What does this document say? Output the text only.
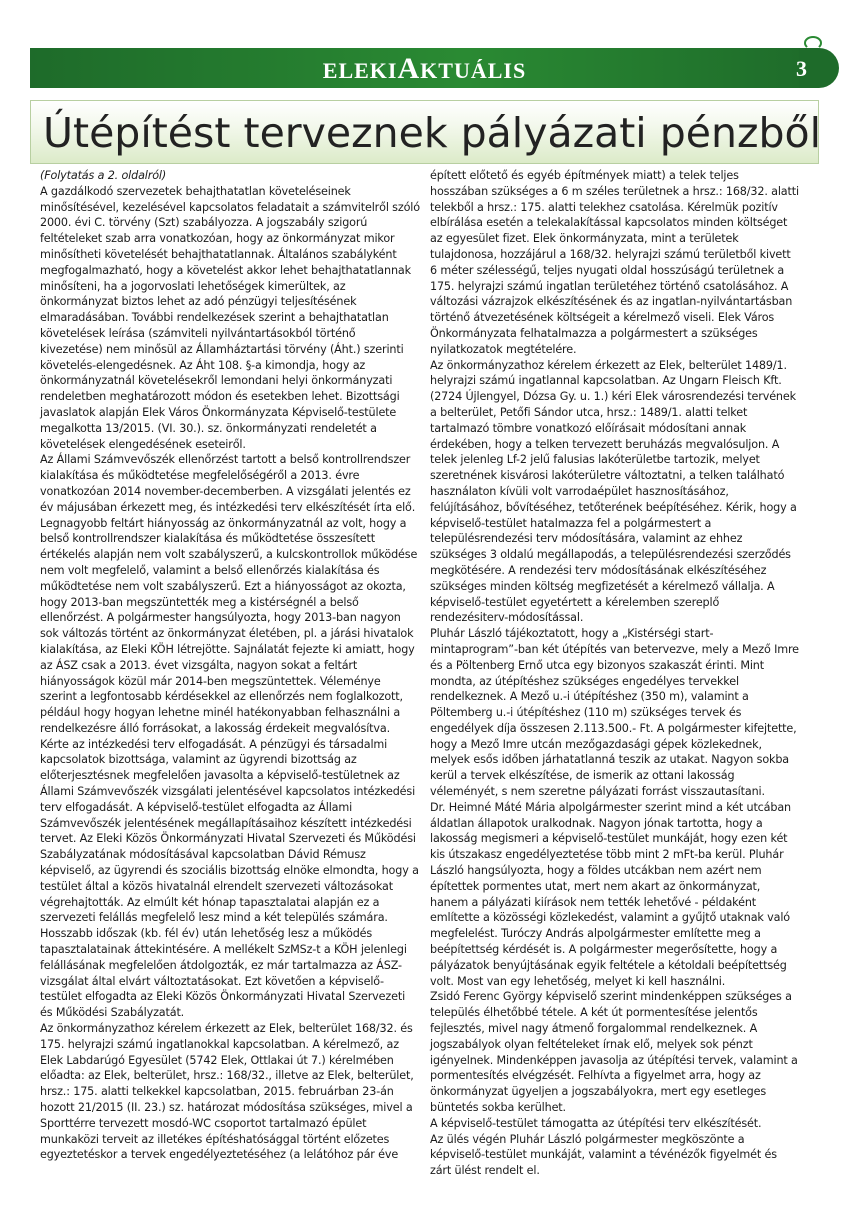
ELEKIAKTUÁLIS	3
Útépítést terveznek pályázati pénzből

(Folytatás a 2. oldalról)

A gazdálkodó szervezetek behajthatatlan követeléseinek minősítésével, kezelésével kapcsolatos feladatait a számvitelről szóló 2000. évi C. törvény (Szt) szabályozza. A jogszabály szigorú feltételeket szab arra vonatkozóan, hogy az önkormányzat mikor minősítheti követelését behajthatatlannak. Általános szabályként megfogalmazható, hogy a követelést akkor lehet behajthatatlannak minősíteni, ha a jogorvoslati lehetőségek kimerültek, az önkormányzat biztos lehet az adó pénzügyi teljesítésének elmaradásában. További rendelkezések szerint a behajthatatlan követelések leírása (számviteli nyilvántartásokból történő kivezetése) nem minősül az Államháztartási törvény (Áht.) szerinti követelés-elengedésnek. Az Áht 108. §-a kimondja, hogy az önkormányzatnál követelésekről lemondani helyi önkormányzati rendeletben meghatározott módon és esetekben lehet. Bizottsági javaslatok alapján Elek Város Önkormányzata Képviselő-testülete megalkotta 13/2015. (VI. 30.). sz. önkormányzati rendeletét a követelések elengedésének eseteiről.

Az Állami Számvevőszék ellenőrzést tartott a belső kontrollrendszer kialakítása és működtetése megfelelőségéről a 2013. évre vonatkozóan 2014 november-decemberben. A vizsgálati jelentés ez év májusában érkezett meg, és intézkedési terv elkészítését írta elő. Legnagyobb feltárt hiányosság az önkormányzatnál az volt, hogy a belső kontrollrendszer kialakítása és működtetése összesített értékelés alapján nem volt szabályszerű, a kulcskontrollok működése nem volt megfelelő, valamint a belső ellenőrzés kialakítása és működtetése nem volt szabályszerű. Ezt a hiányosságot az okozta, hogy 2013-ban megszüntették meg a kistérségnél a belső ellenőrzést. A polgármester hangsúlyozta, hogy 2013-ban nagyon sok változás történt az önkormányzat életében, pl. a járási hivatalok kialakítása, az Eleki KÖH létrejötte. Sajnálatát fejezte ki amiatt, hogy az ÁSZ csak a 2013. évet vizsgálta, nagyon sokat a feltárt hiányosságok közül már 2014-ben megszüntettek. Véleménye szerint a legfontosabb kérdésekkel az ellenőrzés nem foglalkozott, például hogy hogyan lehetne minél hatékonyabban felhasználni a rendelkezésre álló forrásokat, a lakosság érdekeit megvalósítva. Kérte az intézkedési terv elfogadását. A pénzügyi és társadalmi kapcsolatok bizottsága, valamint az ügyrendi bizottság az előterjesztésnek megfelelően javasolta a képviselő-testületnek az Állami Számvevőszék vizsgálati jelentésével kapcsolatos intézkedési terv elfogadását. A képviselő-testület elfogadta az Állami Számvevőszék jelentésének megállapításaihoz készített intézkedési tervet. Az Eleki Közös Önkormányzati Hivatal Szervezeti és Működési Szabályzatának módosításával kapcsolatban Dávid Rémusz képviselő, az ügyrendi és szociális bizottság elnöke elmondta, hogy a testület által a közös hivatalnál elrendelt szervezeti változásokat végrehajtották. Az elmúlt két hónap tapasztalatai alapján ez a szervezeti felállás megfelelő lesz mind a két település számára. Hosszabb időszak (kb. fél év) után lehetőség lesz a működés tapasztalatainak áttekintésére. A mellékelt SzMSz-t a KÖH jelenlegi felállásának megfelelően átdolgozták, ez már tartalmazza az ÁSZ-vizsgálat által elvárt változtatásokat. Ezt követően a képviselő-testület elfogadta az Eleki Közös Önkormányzati Hivatal Szervezeti és Működési Szabályzatát.

Az önkormányzathoz kérelem érkezett az Elek, belterület 168/32. és 175. helyrajzi számú ingatlanokkal kapcsolatban. A kérelmező, az Elek Labdarúgó Egyesület (5742 Elek, Ottlakai út 7.) kérelmében előadta: az Elek, belterület, hrsz.: 168/32., illetve az Elek, belterület, hrsz.: 175. alatti telkekkel kapcsolatban, 2015. februárban 23-án hozott 21/2015 (II. 23.) sz. határozat módosítása szükséges, mivel a Sporttérre tervezett mosdó-WC csoportot tartalmazó épület munkaközi terveit az illetékes építéshatósággal történt előzetes egyeztetéskor a tervek engedélyeztetéséhez (a lelátóhoz pár éve

épített előtető és egyéb építmények miatt) a telek teljes hosszában szükséges a 6 m széles területnek a hrsz.: 168/32. alatti telekből a hrsz.: 175. alatti telekhez csatolása. Kérelmük pozitív elbírálása esetén a telekalakítással kapcsolatos minden költséget az egyesület fizet. Elek önkormányzata, mint a területek tulajdonosa, hozzájárul a 168/32. helyrajzi számú területből kivett 6 méter szélességű, teljes nyugati oldal hosszúságú területnek a 175. helyrajzi számú ingatlan területéhez történő csatolásához. A változási vázrajzok elkészítésének és az ingatlan-nyilvántartásban történő átvezetésének költségeit a kérelmező viseli. Elek Város Önkormányzata felhatalmazza a polgármestert a szükséges nyilatkozatok megtételére.

Az önkormányzathoz kérelem érkezett az Elek, belterület 1489/1. helyrajzi számú ingatlannal kapcsolatban. Az Ungarn Fleisch Kft. (2724 Újlengyel, Dózsa Gy. u. 1.) kéri Elek városrendezési tervének a belterület, Petőfi Sándor utca, hrsz.: 1489/1. alatti telket tartalmazó tömbre vonatkozó előírásait módosítani annak érdekében, hogy a telken tervezett beruházás megvalósuljon. A telek jelenleg Lf-2 jelű falusias lakóterületbe tartozik, melyet szeretnének kisvárosi lakóterületre változtatni, a telken található használaton kívüli volt varrodaépület hasznosításához, felújításához, bővítéséhez, tetőterének beépítéséhez. Kérik, hogy a képviselő-testület hatalmazza fel a polgármestert a településrendezési terv módosítására, valamint az ehhez szükséges 3 oldalú megállapodás, a településrendezési szerződés megkötésére. A rendezési terv módosításának elkészítéséhez szükséges minden költség megfizetését a kérelmező vállalja. A képviselő-testület egyetértett a kérelemben szereplő rendezésiterv-módosítással.

Pluhár László tájékoztatott, hogy a „Kistérségi start-mintaprogram”-ban két útépítés van betervezve, mely a Mező Imre és a Pöltenberg Ernő utca egy bizonyos szakaszát érinti. Mint mondta, az útépítéshez szükséges engedélyes tervekkel rendelkeznek. A Mező u.-i útépítéshez (350 m), valamint a Pöltemberg u.-i útépítéshez (110 m) szükséges tervek és engedélyek díja összesen 2.113.500.- Ft. A polgármester kifejtette, hogy a Mező Imre utcán mezőgazdasági gépek közlekednek, melyek esős időben járhatatlanná teszik az utakat. Nagyon sokba kerül a tervek elkészítése, de ismerik az ottani lakosság véleményét, s nem szeretne pályázati forrást visszautasítani.

Dr. Heimné Máté Mária alpolgármester szerint mind a két utcában áldatlan állapotok uralkodnak. Nagyon jónak tartotta, hogy a lakosság megismeri a képviselő-testület munkáját, hogy ezen két kis útszakasz engedélyeztetése több mint 2 mFt-ba kerül. Pluhár László hangsúlyozta, hogy a földes utcákban nem azért nem építettek pormentes utat, mert nem akart az önkormányzat, hanem a pályázati kiírások nem tették lehetővé - példaként említette a közösségi közlekedést, valamint a gyűjtő utaknak való megfelelést. Turóczy András alpolgármester említette meg a beépítettség kérdését is. A polgármester megerősítette, hogy a pályázatok benyújtásának egyik feltétele a kétoldali beépítettség volt. Most van egy lehetőség, melyet ki kell használni.

Zsidó Ferenc György képviselő szerint mindenképpen szükséges a település élhetőbbé tétele. A két út pormentesítése jelentős fejlesztés, mivel nagy átmenő forgalommal rendelkeznek. A jogszabályok olyan feltételeket írnak elő, melyek sok pénzt igényelnek. Mindenképpen javasolja az útépítési tervek, valamint a pormentesítés elvégzését. Felhívta a figyelmet arra, hogy az önkormányzat ügyeljen a jogszabályokra, mert egy esetleges büntetés sokba kerülhet.

A képviselő-testület támogatta az útépítési terv elkészítését.

Az ülés végén Pluhár László polgármester megköszönte a képviselő-testület munkáját, valamint a tévénézők figyelmét és zárt ülést rendelt el.
